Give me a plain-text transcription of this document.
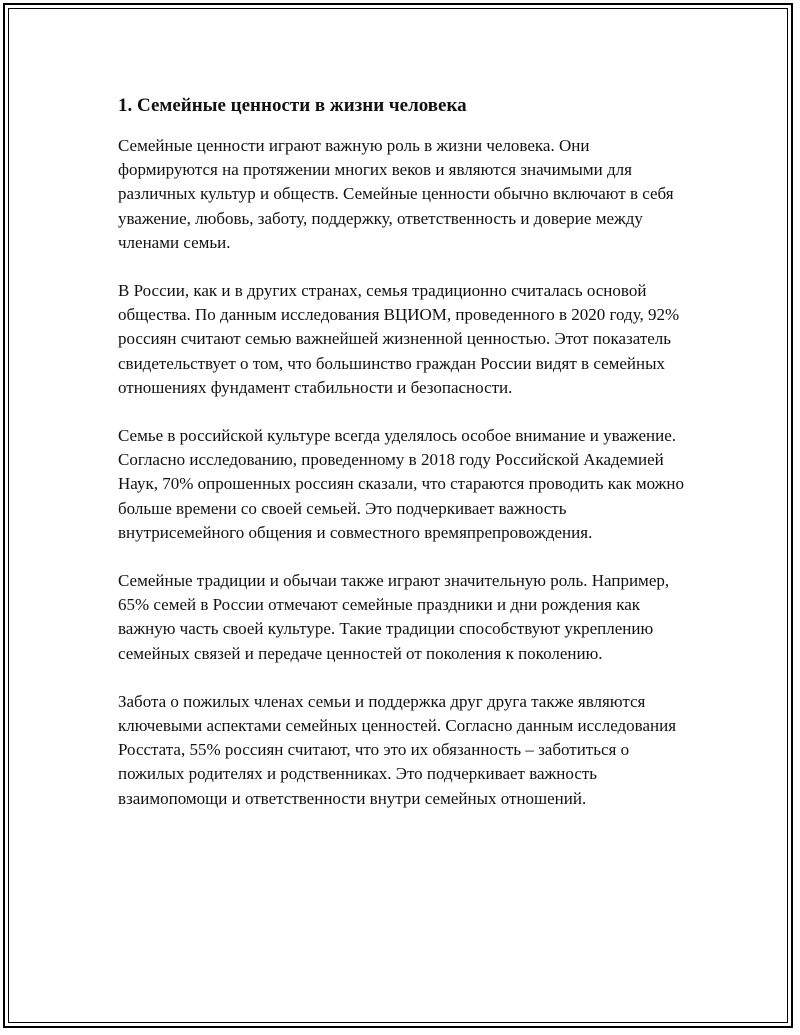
1. Семейные ценности в жизни человека

Семейные ценности играют важную роль в жизни человека. Они формируются на протяжении многих веков и являются значимыми для различных культур и обществ. Семейные ценности обычно включают в себя уважение, любовь, заботу, поддержку, ответственность и доверие между членами семьи.

В России, как и в других странах, семья традиционно считалась основой общества. По данным исследования ВЦИОМ, проведенного в 2020 году, 92% россиян считают семью важнейшей жизненной ценностью. Этот показатель свидетельствует о том, что большинство граждан России видят в семейных отношениях фундамент стабильности и безопасности.

Семье в российской культуре всегда уделялось особое внимание и уважение. Согласно исследованию, проведенному в 2018 году Российской Академией Наук, 70% опрошенных россиян сказали, что стараются проводить как можно больше времени со своей семьей. Это подчеркивает важность внутрисемейного общения и совместного времяпрепровождения.

Семейные традиции и обычаи также играют значительную роль. Например, 65% семей в России отмечают семейные праздники и дни рождения как важную часть своей культуре. Такие традиции способствуют укреплению семейных связей и передаче ценностей от поколения к поколению.

Забота о пожилых членах семьи и поддержка друг друга также являются ключевыми аспектами семейных ценностей. Согласно данным исследования Росстата, 55% россиян считают, что это их обязанность – заботиться о пожилых родителях и родственниках. Это подчеркивает важность взаимопомощи и ответственности внутри семейных отношений.
